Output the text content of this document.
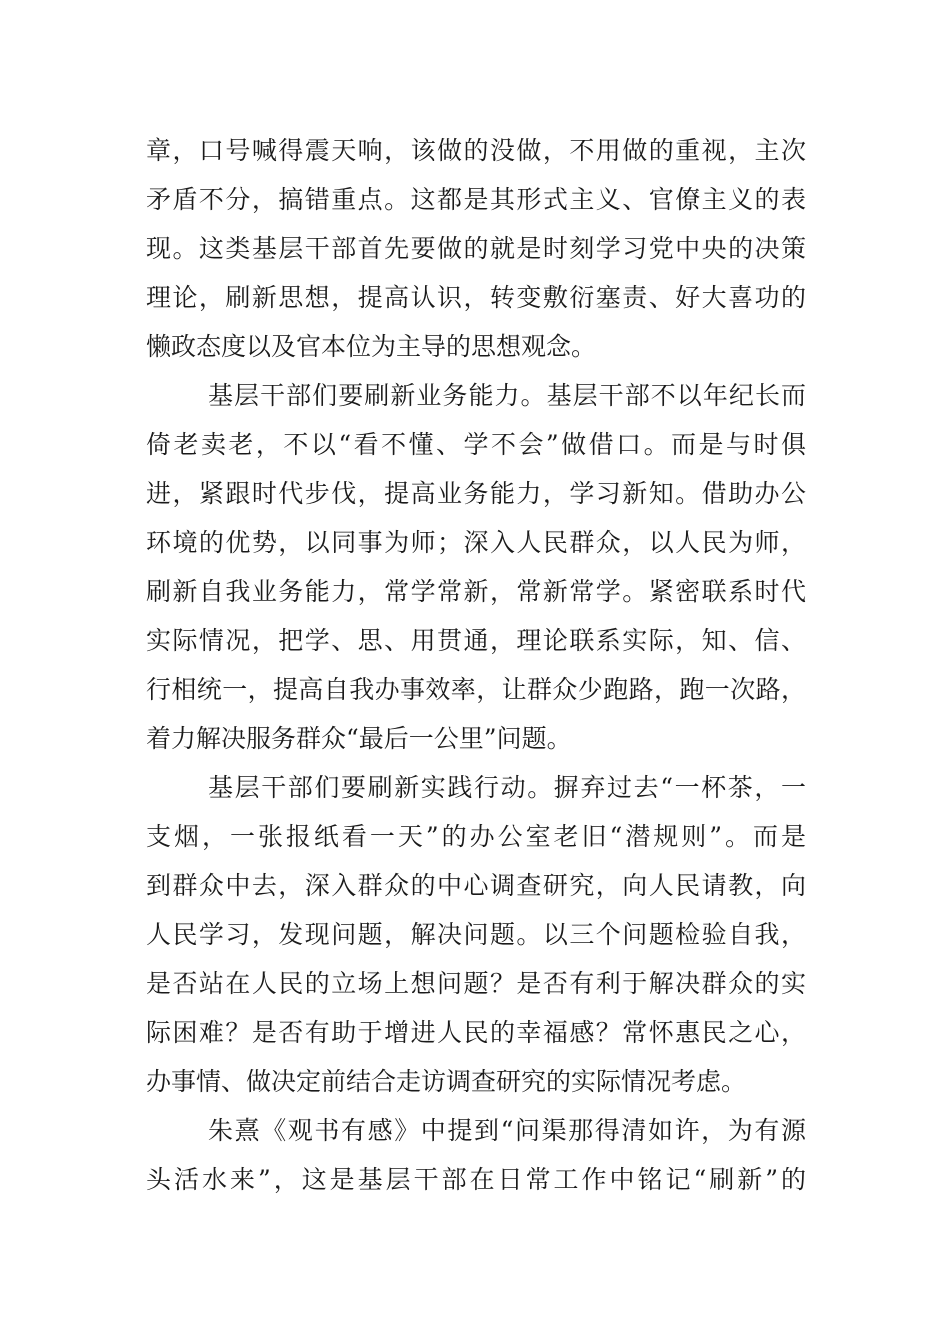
章，口号喊得震天响，该做的没做，不用做的重视，主次
矛盾不分，搞错重点。这都是其形式主义、官僚主义的表
现。这类基层干部首先要做的就是时刻学习党中央的决策
理论，刷新思想，提高认识，转变敷衍塞责、好大喜功的
懒政态度以及官本位为主导的思想观念。
基层干部们要刷新业务能力。基层干部不以年纪长而
倚老卖老，不以“看不懂、学不会”做借口。而是与时俱
进，紧跟时代步伐，提高业务能力，学习新知。借助办公
环境的优势，以同事为师；深入人民群众，以人民为师，
刷新自我业务能力，常学常新，常新常学。紧密联系时代
实际情况，把学、思、用贯通，理论联系实际，知、信、
行相统一，提高自我办事效率，让群众少跑路，跑一次路，
着力解决服务群众“最后一公里”问题。
基层干部们要刷新实践行动。摒弃过去“一杯茶，一
支烟，一张报纸看一天”的办公室老旧“潜规则”。而是
到群众中去，深入群众的中心调查研究，向人民请教，向
人民学习，发现问题，解决问题。以三个问题检验自我，
是否站在人民的立场上想问题？是否有利于解决群众的实
际困难？是否有助于增进人民的幸福感？常怀惠民之心，
办事情、做决定前结合走访调查研究的实际情况考虑。
朱熹《观书有感》中提到“问渠那得清如许，为有源
头活水来”，这是基层干部在日常工作中铭记“刷新”的
